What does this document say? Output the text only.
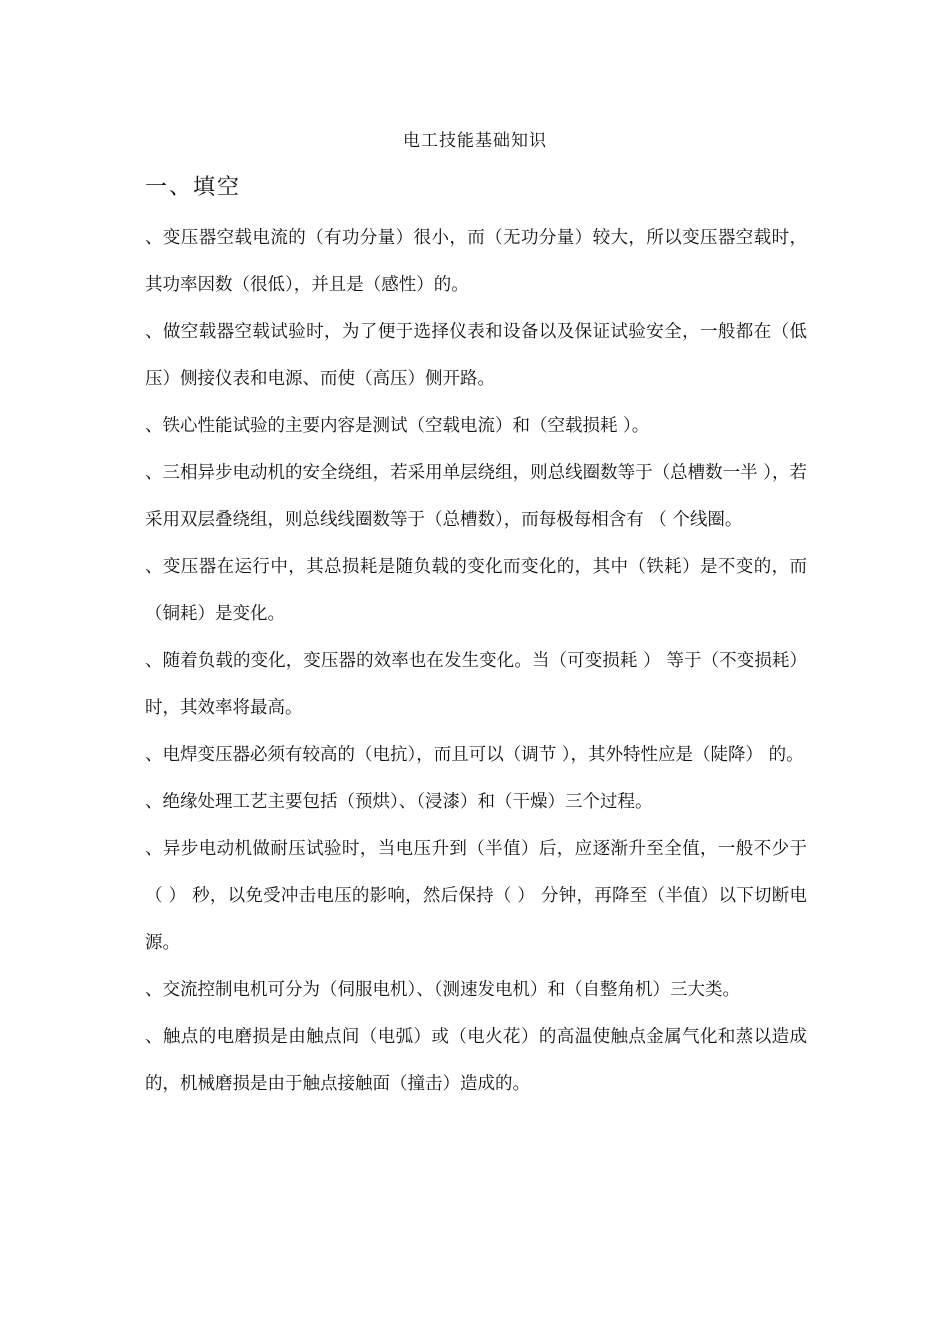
电工技能基础知识
一、填空

、变压器空载电流的（有功分量）很小，而（无功分量）较大，所以变压器空载时，其功率因数（很低），并且是（感性）的。

、做空载器空载试验时，为了便于选择仪表和设备以及保证试验安全，一般都在（低压）侧接仪表和电源、而使（高压）侧开路。

、铁心性能试验的主要内容是测试（空载电流）和（空载损耗 ）。

、三相异步电动机的安全绕组，若采用单层绕组，则总线圈数等于（总槽数一半 ），若采用双层叠绕组，则总线线圈数等于（总槽数），而每极每相含有 （ 个线圈。

、变压器在运行中，其总损耗是随负载的变化而变化的，其中（铁耗）是不变的，而（铜耗）是变化。

、随着负载的变化，变压器的效率也在发生变化。当（可变损耗 ） 等于（不变损耗）时，其效率将最高。

、电焊变压器必须有较高的（电抗），而且可以（调节 ），其外特性应是（陡降） 的。

、绝缘处理工艺主要包括（预烘）、（浸漆）和（干燥）三个过程。

、异步电动机做耐压试验时，当电压升到（半值）后，应逐渐升至全值，一般不少于（ ） 秒，以免受冲击电压的影响，然后保持（ ） 分钟，再降至（半值）以下切断电源。

、交流控制电机可分为（伺服电机）、（测速发电机）和（自整角机）三大类。

、触点的电磨损是由触点间（电弧）或（电火花）的高温使触点金属气化和蒸以造成的，机械磨损是由于触点接触面（撞击）造成的。
